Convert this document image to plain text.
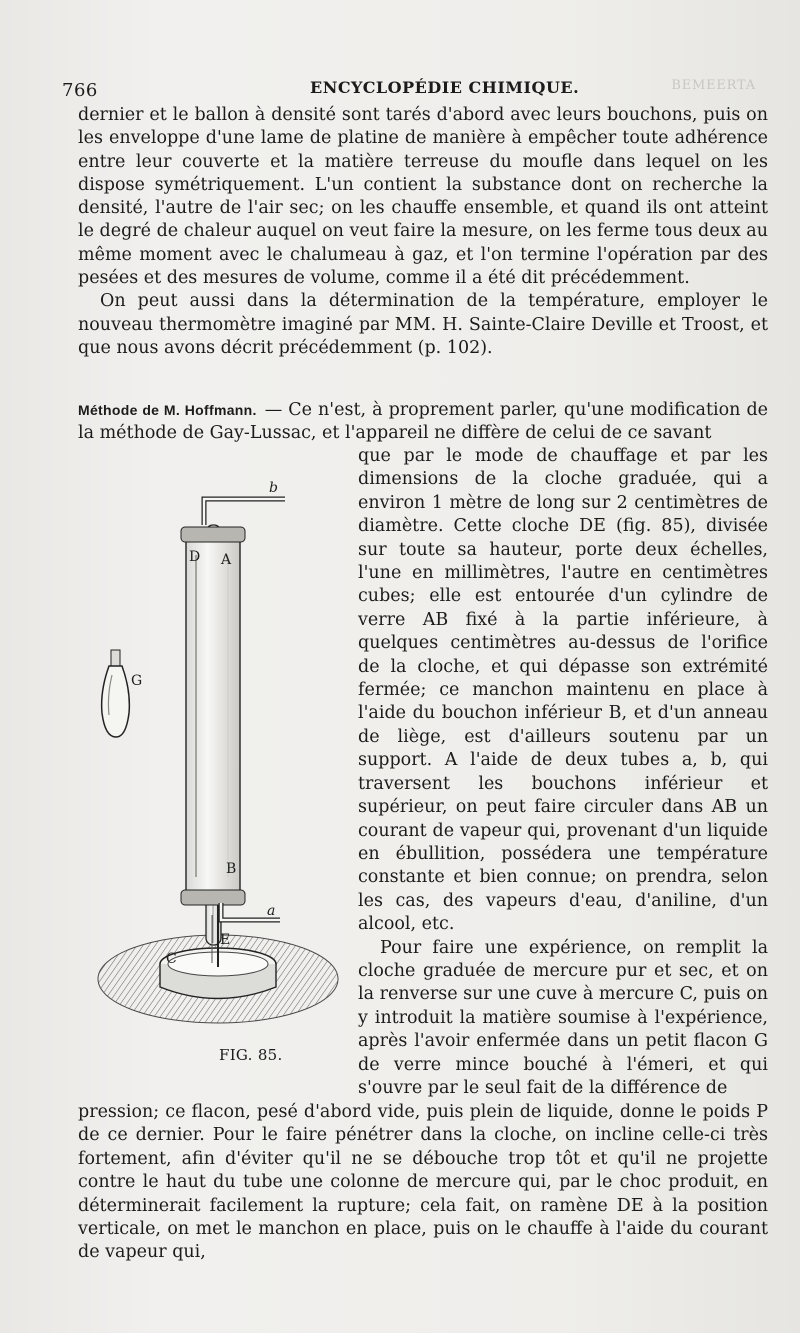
766	ENCYCLOPÉDIE CHIMIQUE.	BEMEERTA

dernier et le ballon à densité sont tarés d'abord avec leurs bouchons, puis on les enveloppe d'une lame de platine de manière à empêcher toute adhérence entre leur couverte et la matière terreuse du moufle dans lequel on les dispose symétriquement. L'un contient la substance dont on recherche la densité, l'autre de l'air sec; on les chauffe ensemble, et quand ils ont atteint le degré de chaleur auquel on veut faire la mesure, on les ferme tous deux au même moment avec le chalumeau à gaz, et l'on termine l'opération par des pesées et des mesures de volume, comme il a été dit précédemment.

On peut aussi dans la détermination de la température, employer le nouveau thermomètre imaginé par MM. H. Sainte-Claire Deville et Troost, et que nous avons décrit précédemment (p. 102).

Méthode de M. Hoffmann. — Ce n'est, à proprement parler, qu'une modification de la méthode de Gay-Lussac, et l'appareil ne diffère de celui de ce savant
b
D A
G
B
a
E
C
FIG. 85.

que par le mode de chauffage et par les dimensions de la cloche graduée, qui a environ 1 mètre de long sur 2 centimètres de diamètre. Cette cloche DE (fig. 85), divisée sur toute sa hauteur, porte deux échelles, l'une en millimètres, l'autre en centimètres cubes; elle est entourée d'un cylindre de verre AB fixé à la partie inférieure, à quelques centimètres au-dessus de l'orifice de la cloche, et qui dépasse son extrémité fermée; ce manchon maintenu en place à l'aide du bouchon inférieur B, et d'un anneau de liège, est d'ailleurs soutenu par un support. A l'aide de deux tubes a, b, qui traversent les bouchons inférieur et supérieur, on peut faire circuler dans AB un courant de vapeur qui, provenant d'un liquide en ébullition, possédera une température constante et bien connue; on prendra, selon les cas, des vapeurs d'eau, d'aniline, d'un alcool, etc.

Pour faire une expérience, on remplit la cloche graduée de mercure pur et sec, et on la renverse sur une cuve à mercure C, puis on y introduit la matière soumise à l'expérience, après l'avoir enfermée dans un petit flacon G de verre mince bouché à l'émeri, et qui s'ouvre par le seul fait de la différence de

pression; ce flacon, pesé d'abord vide, puis plein de liquide, donne le poids P de ce dernier. Pour le faire pénétrer dans la cloche, on incline celle-ci très fortement, afin d'éviter qu'il ne se débouche trop tôt et qu'il ne projette contre le haut du tube une colonne de mercure qui, par le choc produit, en déterminerait facilement la rupture; cela fait, on ramène DE à la position verticale, on met le manchon en place, puis on le chauffe à l'aide du courant de vapeur qui,
